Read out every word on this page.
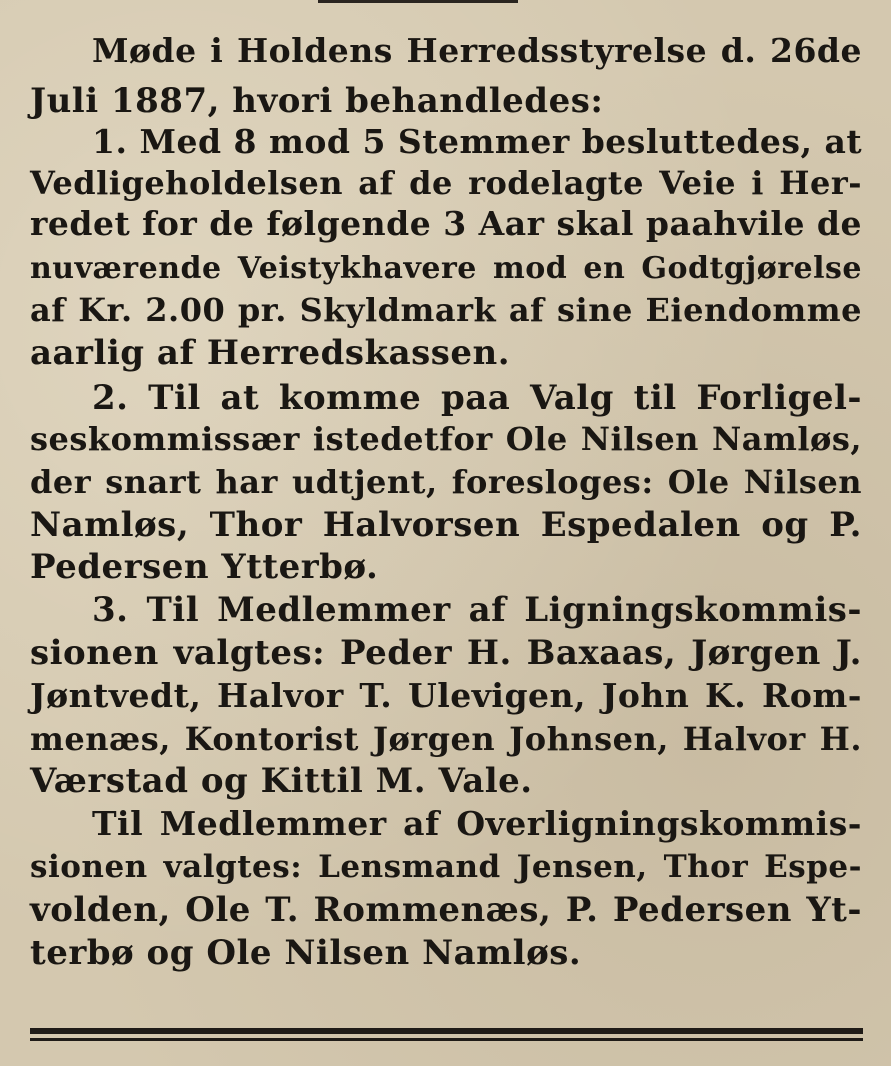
Møde i Holdens Herredsstyrelse d. 26de
Juli 1887, hvori behandledes:
1. Med 8 mod 5 Stemmer besluttedes, at
Vedligeholdelsen af de rodelagte Veie i Her-
redet for de følgende 3 Aar skal paahvile de
nuværende Veistykhavere mod en Godtgjørelse
af Kr. 2.00 pr. Skyldmark af sine Eiendomme
aarlig af Herredskassen.
2. Til at komme paa Valg til Forligel-
seskommissær istedetfor Ole Nilsen Namløs,
der snart har udtjent, foresloges: Ole Nilsen
Namløs, Thor Halvorsen Espedalen og P.
Pedersen Ytterbø.
3. Til Medlemmer af Ligningskommis-
sionen valgtes: Peder H. Baxaas, Jørgen J.
Jøntvedt, Halvor T. Ulevigen, John K. Rom-
menæs, Kontorist Jørgen Johnsen, Halvor H.
Værstad og Kittil M. Vale.
Til Medlemmer af Overligningskommis-
sionen valgtes: Lensmand Jensen, Thor Espe-
volden, Ole T. Rommenæs, P. Pedersen Yt-
terbø og Ole Nilsen Namløs.
